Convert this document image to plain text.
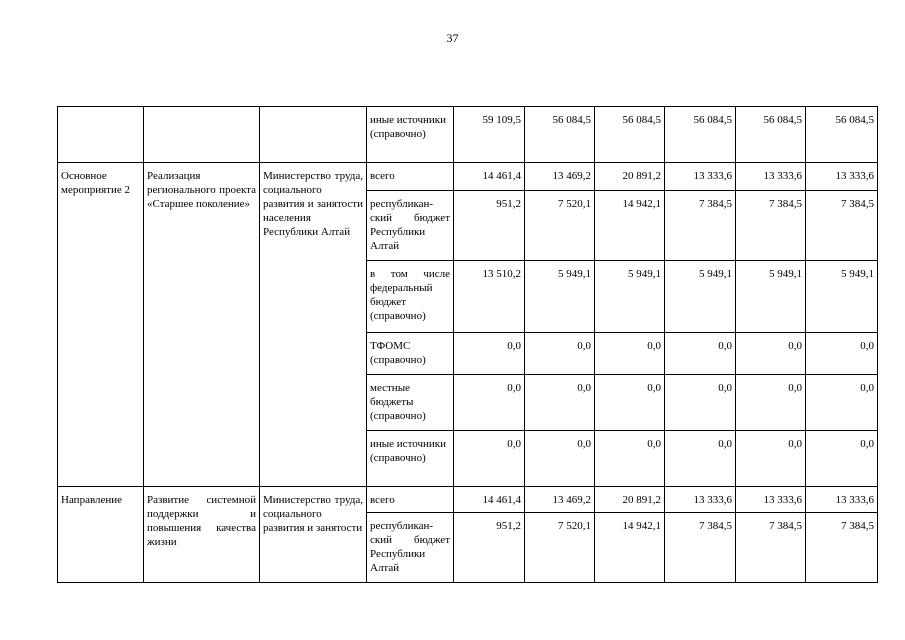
37
			иные источники (справочно)	59 109,5	56 084,5	56 084,5	56 084,5	56 084,5	56 084,5
Основное мероприятие 2	Реализация регионального проекта «Старшее поколение»	Министерство труда, социального развития и занятости населения Республики Алтай	всего	14 461,4	13 469,2	20 891,2	13 333,6	13 333,6	13 333,6
			республикан-ский бюджет Республики Алтай	951,2	7 520,1	14 942,1	7 384,5	7 384,5	7 384,5
			в том числе федеральный бюджет (справочно)	13 510,2	5 949,1	5 949,1	5 949,1	5 949,1	5 949,1
			ТФОМС (справочно)	0,0	0,0	0,0	0,0	0,0	0,0
			местные бюджеты (справочно)	0,0	0,0	0,0	0,0	0,0	0,0
			иные источники (справочно)	0,0	0,0	0,0	0,0	0,0	0,0
Направление	Развитие системной поддержки и повышения качества жизни	Министерство труда, социального развития и занятости	всего	14 461,4	13 469,2	20 891,2	13 333,6	13 333,6	13 333,6
			республикан-ский бюджет Республики Алтай	951,2	7 520,1	14 942,1	7 384,5	7 384,5	7 384,5
